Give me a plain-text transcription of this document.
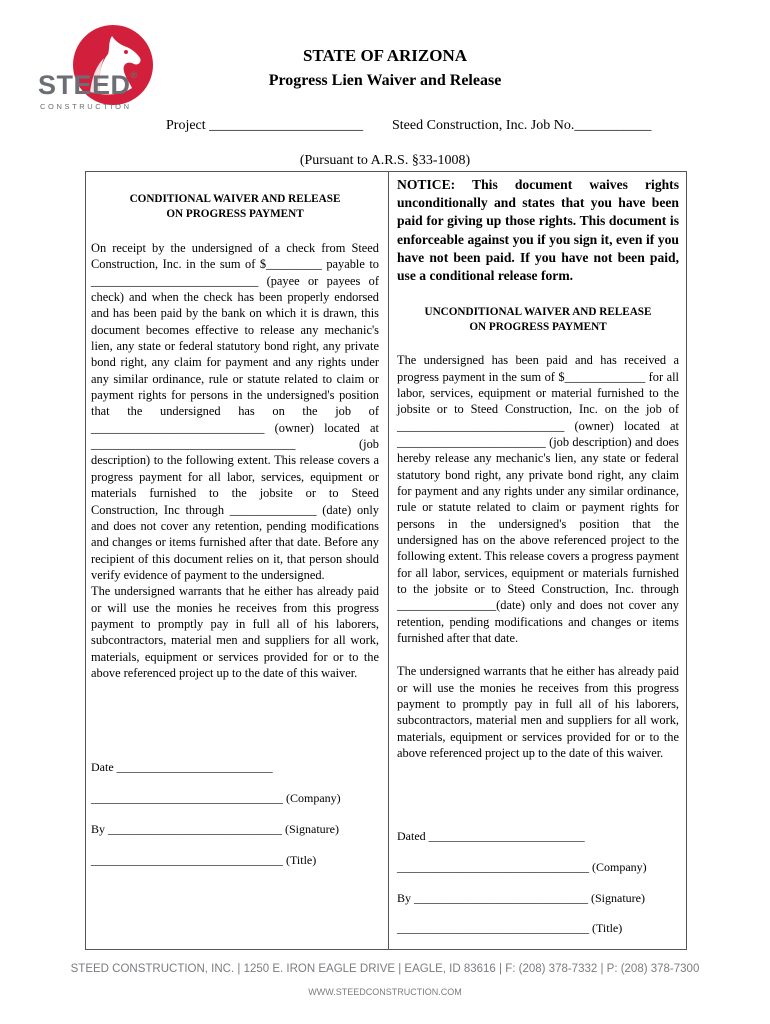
STEED®
CONSTRUCTION
STATE OF ARIZONA
Progress Lien Waiver and Release
Project ______________________ Steed Construction, Inc. Job No.___________
(Pursuant to A.R.S. §33-1008)
CONDITIONAL WAIVER AND RELEASE
ON PROGRESS PAYMENT
On receipt by the undersigned of a check from Steed Construction, Inc. in the sum of $_________ payable to ___________________________ (payee or payees of check) and when the check has been properly endorsed and has been paid by the bank on which it is drawn, this document becomes effective to release any mechanic's lien, any state or federal statutory bond right, any private bond right, any claim for payment and any rights under any similar ordinance, rule or statute related to claim or payment rights for persons in the undersigned's position that the undersigned has on the job of ____________________________ (owner) located at _________________________________ (job description) to the following extent. This release covers a progress payment for all labor, services, equipment or materials furnished to the jobsite or to Steed Construction, Inc through ______________ (date) only and does not cover any retention, pending modifications and changes or items furnished after that date. Before any recipient of this document relies on it, that person should verify evidence of payment to the undersigned.
The undersigned warrants that he either has already paid or will use the monies he receives from this progress payment to promptly pay in full all of his laborers, subcontractors, material men and suppliers for all work, materials, equipment or services provided for or to the above referenced project up to the date of this waiver.
Date __________________________
________________________________ (Company)
By _____________________________ (Signature)
________________________________ (Title)
NOTICE: This document waives rights unconditionally and states that you have been paid for giving up those rights. This document is enforceable against you if you sign it, even if you have not been paid. If you have not been paid, use a conditional release form.
UNCONDITIONAL WAIVER AND RELEASE
ON PROGRESS PAYMENT
The undersigned has been paid and has received a progress payment in the sum of $_____________ for all labor, services, equipment or material furnished to the jobsite or to Steed Construction, Inc. on the job of ___________________________ (owner) located at ________________________ (job description) and does hereby release any mechanic's lien, any state or federal statutory bond right, any private bond right, any claim for payment and any rights under any similar ordinance, rule or statute related to claim or payment rights for persons in the undersigned's position that the undersigned has on the above referenced project to the following extent. This release covers a progress payment for all labor, services, equipment or materials furnished to the jobsite or to Steed Construction, Inc. through ________________(date) only and does not cover any retention, pending modifications and changes or items furnished after that date.
The undersigned warrants that he either has already paid or will use the monies he receives from this progress payment to promptly pay in full all of his laborers, subcontractors, material men and suppliers for all work, materials, equipment or services provided for or to the above referenced project up to the date of this waiver.
Dated __________________________
________________________________ (Company)
By _____________________________ (Signature)
________________________________ (Title)
STEED CONSTRUCTION, INC. | 1250 E. IRON EAGLE DRIVE | EAGLE, ID 83616 | F: (208) 378-7332 | P: (208) 378-7300
WWW.STEEDCONSTRUCTION.COM
